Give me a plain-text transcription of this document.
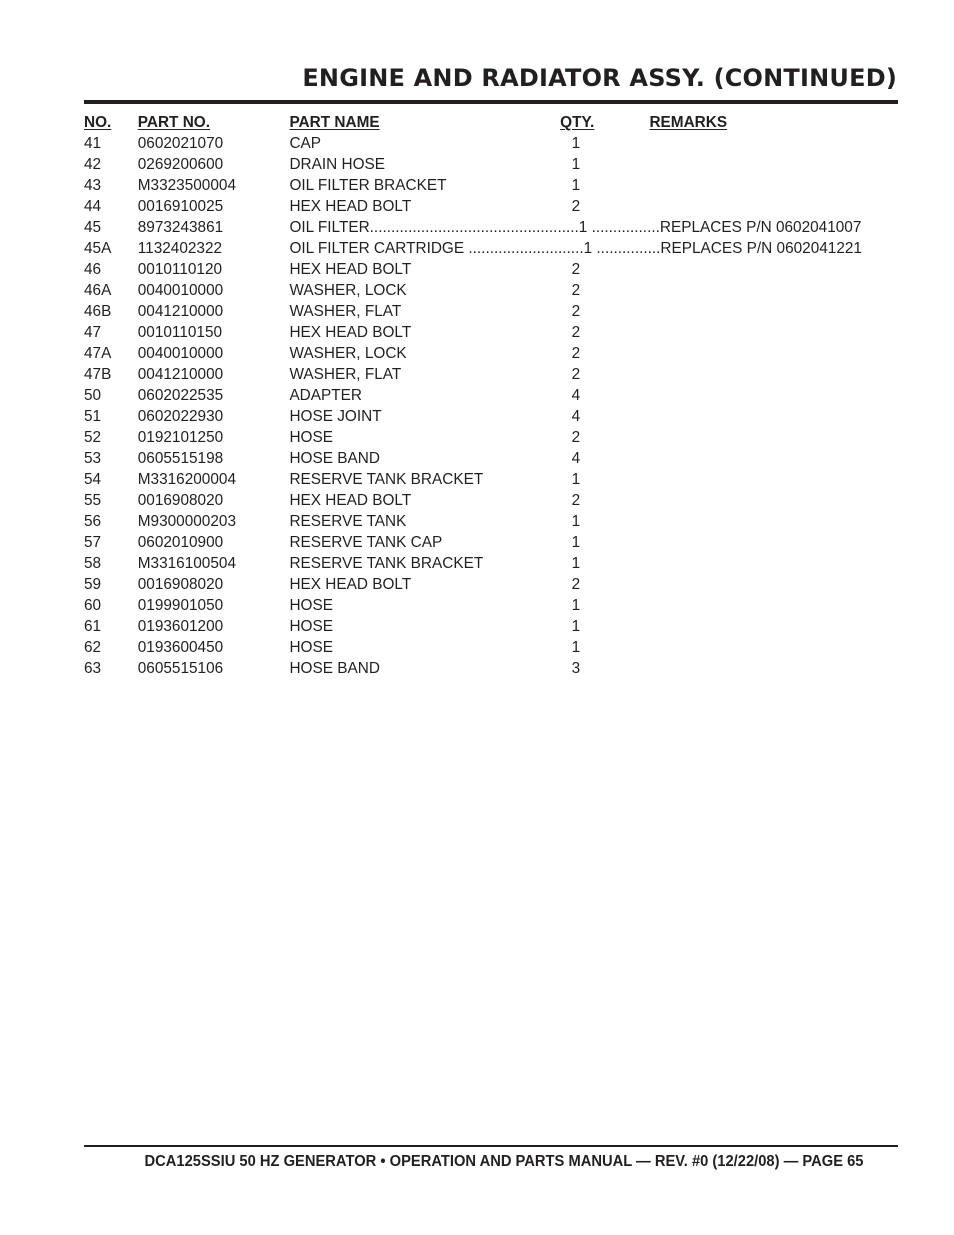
ENGINE AND RADIATOR ASSY. (CONTINUED)
NO. PART NO.	PART NAME	QTY.	REMARKS
41 0602021070	CAP	1
42 0269200600	DRAIN HOSE	1
43 M3323500004	OIL FILTER BRACKET	1
44 0016910025	HEX HEAD BOLT	2
45 8973243861	OIL FILTER.................................................1 ................REPLACES P/N 0602041007
45A 1132402322	OIL FILTER CARTRIDGE ...........................1 ...............REPLACES P/N 0602041221
46 0010110120	HEX HEAD BOLT	2
46A 0040010000	WASHER, LOCK	2
46B 0041210000	WASHER, FLAT	2
47 0010110150	HEX HEAD BOLT	2
47A 0040010000	WASHER, LOCK	2
47B 0041210000	WASHER, FLAT	2
50 0602022535	ADAPTER	4
51 0602022930	HOSE JOINT	4
52 0192101250	HOSE	2
53 0605515198	HOSE BAND	4
54 M3316200004	RESERVE TANK BRACKET	1
55 0016908020	HEX HEAD BOLT	2
56 M9300000203	RESERVE TANK	1
57 0602010900	RESERVE TANK CAP	1
58 M3316100504	RESERVE TANK BRACKET	1
59 0016908020	HEX HEAD BOLT	2
60 0199901050	HOSE	1
61 0193601200	HOSE	1
62 0193600450	HOSE	1
63 0605515106	HOSE BAND	3

DCA125SSIU 50 HZ GENERATOR • OPERATION AND PARTS MANUAL — REV. #0 (12/22/08) — PAGE 65
